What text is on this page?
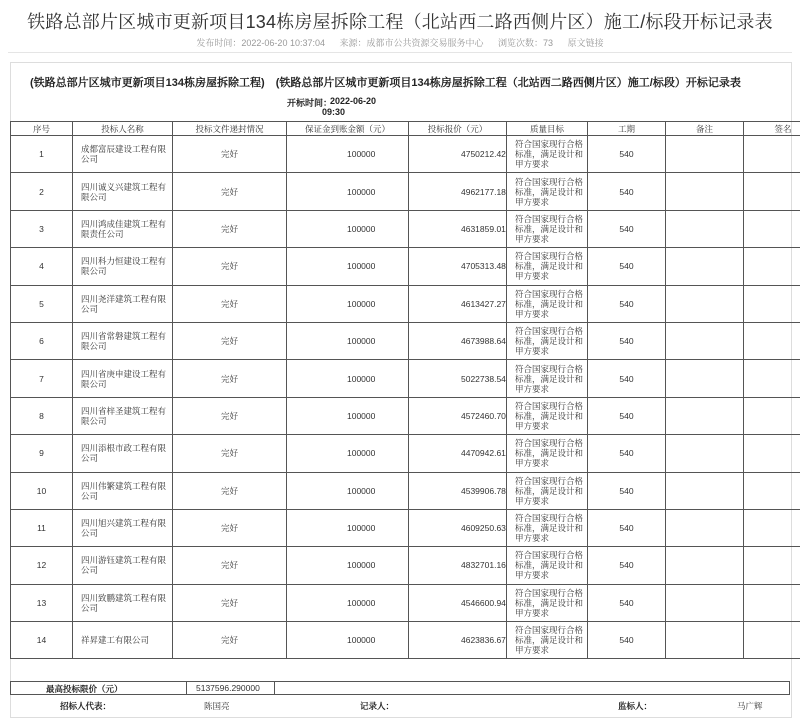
铁路总部片区城市更新项目134栋房屋拆除工程（北站西二路西侧片区）施工/标段开标记录表
发布时间：2022-06-20 10:37:04 来源：成都市公共资源交易服务中心 浏览次数：73 原文链接
(铁路总部片区城市更新项目134栋房屋拆除工程) (铁路总部片区城市更新项目134栋房屋拆除工程（北站西二路西侧片区）施工/标段）开标记录表
开标时间：
2022-06-20
09:30
序号	投标人名称	投标文件递封情况	保证金到账金额（元）	投标报价（元）	质量目标	工期	备注	签名
1	成都富辰建设工程有限公司	完好	100000	4750212.42	符合国家现行合格标准，满足设计和甲方要求	540		
2	四川诚义兴建筑工程有限公司	完好	100000	4962177.18	符合国家现行合格标准，满足设计和甲方要求	540		
3	四川鸿成佳建筑工程有限责任公司	完好	100000	4631859.01	符合国家现行合格标准，满足设计和甲方要求	540		
4	四川科力恒建设工程有限公司	完好	100000	4705313.48	符合国家现行合格标准，满足设计和甲方要求	540		
5	四川尧洋建筑工程有限公司	完好	100000	4613427.27	符合国家现行合格标准，满足设计和甲方要求	540		
6	四川省常磐建筑工程有限公司	完好	100000	4673988.64	符合国家现行合格标准，满足设计和甲方要求	540		
7	四川省庚申建设工程有限公司	完好	100000	5022738.54	符合国家现行合格标准，满足设计和甲方要求	540		
8	四川省梓圣建筑工程有限公司	完好	100000	4572460.70	符合国家现行合格标准，满足设计和甲方要求	540		
9	四川添根市政工程有限公司	完好	100000	4470942.61	符合国家现行合格标准，满足设计和甲方要求	540		
10	四川伟繁建筑工程有限公司	完好	100000	4539906.78	符合国家现行合格标准，满足设计和甲方要求	540		
11	四川旭兴建筑工程有限公司	完好	100000	4609250.63	符合国家现行合格标准，满足设计和甲方要求	540		
12	四川游钰建筑工程有限公司	完好	100000	4832701.16	符合国家现行合格标准，满足设计和甲方要求	540		
13	四川致鹏建筑工程有限公司	完好	100000	4546600.94	符合国家现行合格标准，满足设计和甲方要求	540		
14	祥昇建工有限公司	完好	100000	4623836.67	符合国家现行合格标准，满足设计和甲方要求	540		
最高投标限价（元）	5137596.290000
招标人代表：	陈国亮	记录人：	监标人：	马广辉
